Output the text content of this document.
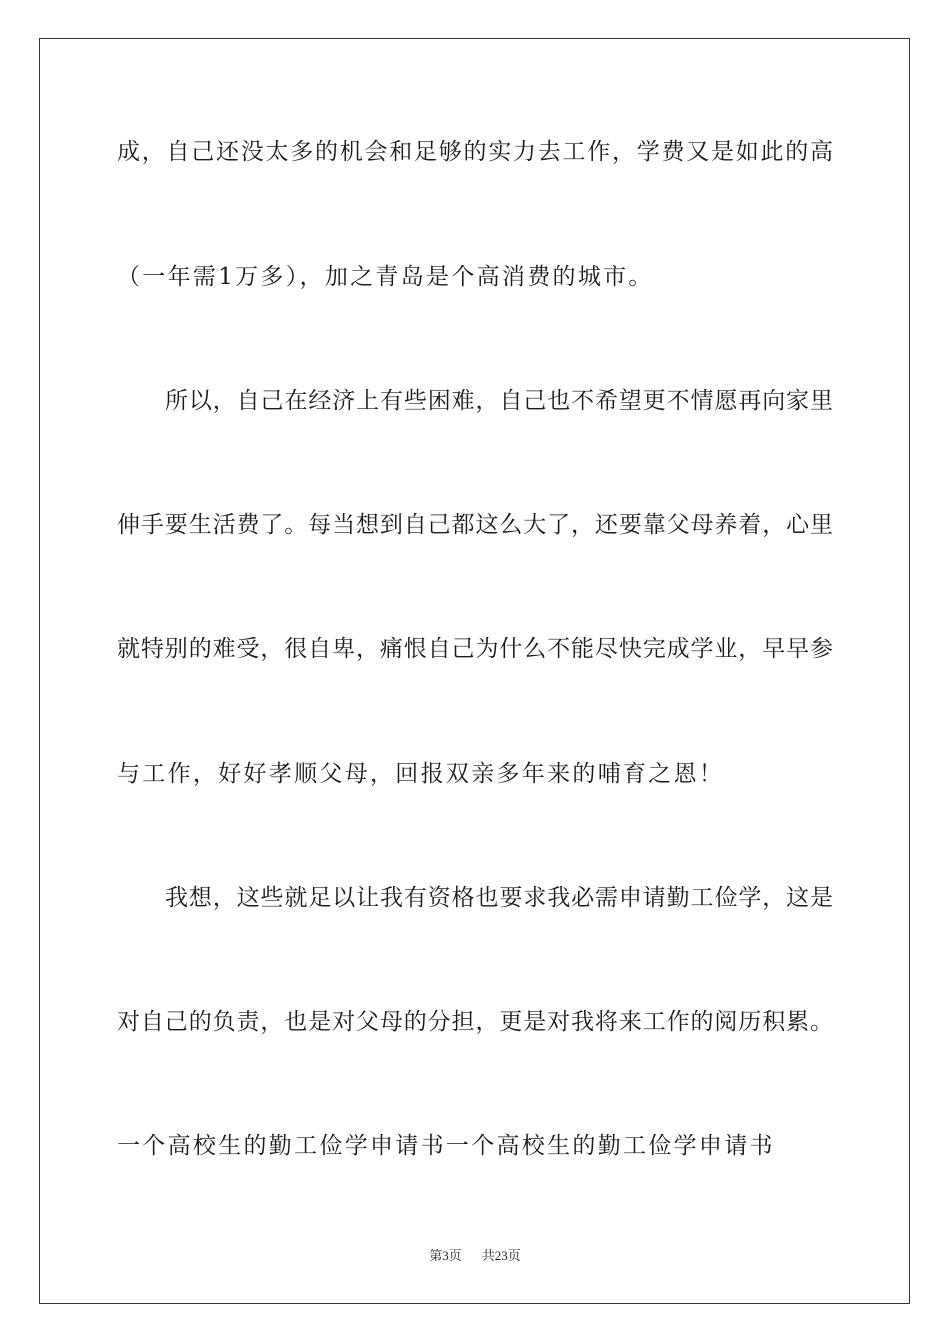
成，自己还没太多的机会和足够的实力去工作，学费又是如此的高
（一年需1万多），加之青岛是个高消费的城市。
所以，自己在经济上有些困难，自己也不希望更不情愿再向家里
伸手要生活费了。每当想到自己都这么大了，还要靠父母养着，心里
就特别的难受，很自卑，痛恨自己为什么不能尽快完成学业，早早参
与工作，好好孝顺父母，回报双亲多年来的哺育之恩！
我想，这些就足以让我有资格也要求我必需申请勤工俭学，这是
对自己的负责，也是对父母的分担，更是对我将来工作的阅历积累。
一个高校生的勤工俭学申请书一个高校生的勤工俭学申请书
第3页 共23页
